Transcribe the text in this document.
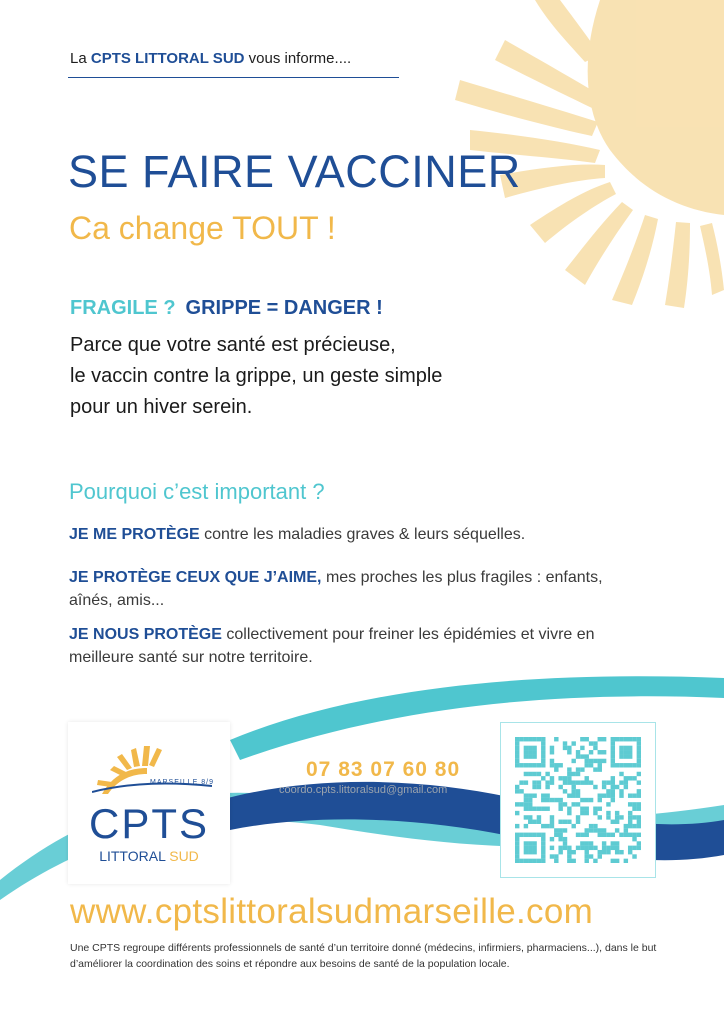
La CPTS LITTORAL SUD vous informe....
SE FAIRE VACCINER
Ca change TOUT !
FRAGILE ? GRIPPE = DANGER !
Parce que votre santé est précieuse,
le vaccin contre la grippe, un geste simple
pour un hiver serein.
Pourquoi c’est important ?
JE ME PROTÈGE contre les maladies graves & leurs séquelles.
JE PROTÈGE CEUX QUE J’AIME, mes proches les plus fragiles : enfants, aînés, amis...
JE NOUS PROTÈGE collectivement pour freiner les épidémies et vivre en meilleure santé sur notre territoire.
MARSEILLE 8/9
CPTS
LITTORAL SUD
07 83 07 60 80
coordo.cpts.littoralsud@gmail.com
www.cptslittoralsudmarseille.com
Une CPTS regroupe différents professionnels de santé d’un territoire donné (médecins, infirmiers, pharmaciens...), dans le but d’améliorer la coordination des soins et répondre aux besoins de santé de la population locale.
